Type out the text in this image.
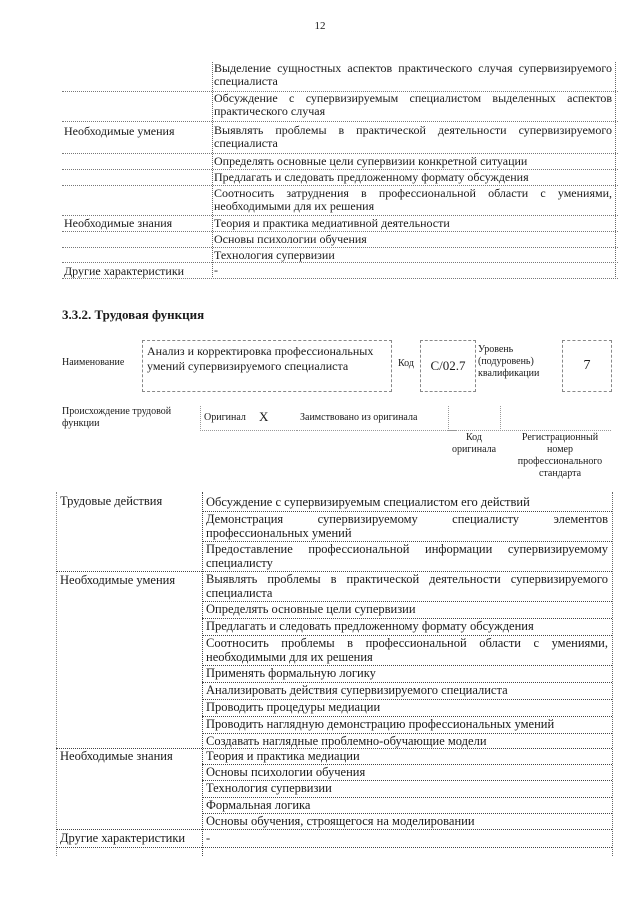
12
Выделение сущностных аспектов практического случая супервизируемого специалиста
Обсуждение с супервизируемым специалистом выделенных аспектов практического случая
Необходимые умения	Выявлять проблемы в практической деятельности супервизируемого специалиста
Определять основные цели супервизии конкретной ситуации
Предлагать и следовать предложенному формату обсуждения
Соотносить затруднения в профессиональной области с умениями, необходимыми для их решения
Необходимые знания	Теория и практика медиативной деятельности
Основы психологии обучения
Технология супервизии
Другие характеристики	-
3.3.2. Трудовая функция
Наименование
Анализ и корректировка профессиональных умений супервизируемого специалиста	Код	С/02.7
Уровень (подуровень) квалификации
7
Происхождение трудовой функции
Оригинал X	Заимствовано из оригинала
Код оригинала
Регистрационный номер профессионального стандарта
Трудовые действия	Обсуждение с супервизируемым специалистом его действий
Демонстрация супервизируемому специалисту элементов профессиональных умений
Предоставление профессиональной информации супервизируемому специалисту
Необходимые умения	Выявлять проблемы в практической деятельности супервизируемого специалиста
Определять основные цели супервизии
Предлагать и следовать предложенному формату обсуждения
Соотносить проблемы в профессиональной области с умениями, необходимыми для их решения
Применять формальную логику
Анализировать действия супервизируемого специалиста
Проводить процедуры медиации
Проводить наглядную демонстрацию профессиональных умений
Создавать наглядные проблемно-обучающие модели
Необходимые знания	Теория и практика медиации
Основы психологии обучения
Технология супервизии
Формальная логика
Основы обучения, строящегося на моделировании
Другие характеристики	-
